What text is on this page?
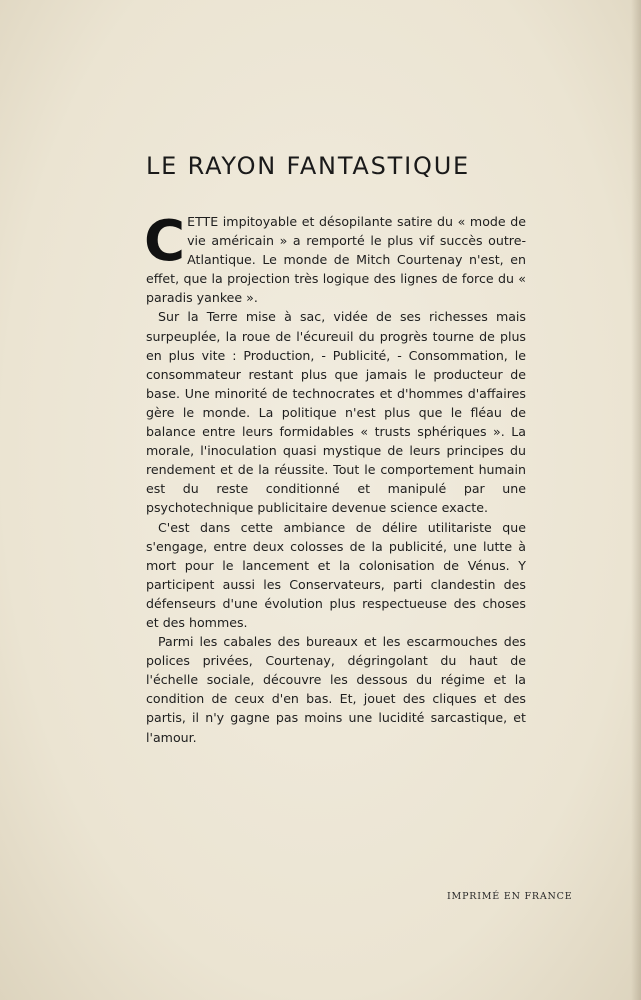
LE RAYON FANTASTIQUE

CETTE impitoyable et désopilante satire du « mode de vie américain » a remporté le plus vif succès outre-Atlantique. Le monde de Mitch Courtenay n'est, en effet, que la projection très logique des lignes de force du « paradis yankee ».

Sur la Terre mise à sac, vidée de ses richesses mais surpeuplée, la roue de l'écureuil du progrès tourne de plus en plus vite : Production, - Publicité, - Consommation, le consommateur restant plus que jamais le producteur de base. Une minorité de technocrates et d'hommes d'affaires gère le monde. La politique n'est plus que le fléau de balance entre leurs formidables « trusts sphériques ». La morale, l'inoculation quasi mystique de leurs principes du rendement et de la réussite. Tout le comportement humain est du reste conditionné et manipulé par une psychotechnique publicitaire devenue science exacte.

C'est dans cette ambiance de délire utilitariste que s'engage, entre deux colosses de la publicité, une lutte à mort pour le lancement et la colonisation de Vénus. Y participent aussi les Conservateurs, parti clandestin des défenseurs d'une évolution plus respectueuse des choses et des hommes.

Parmi les cabales des bureaux et les escarmouches des polices privées, Courtenay, dégringolant du haut de l'échelle sociale, découvre les dessous du régime et la condition de ceux d'en bas. Et, jouet des cliques et des partis, il n'y gagne pas moins une lucidité sarcastique, et l'amour.

IMPRIMÉ EN FRANCE
